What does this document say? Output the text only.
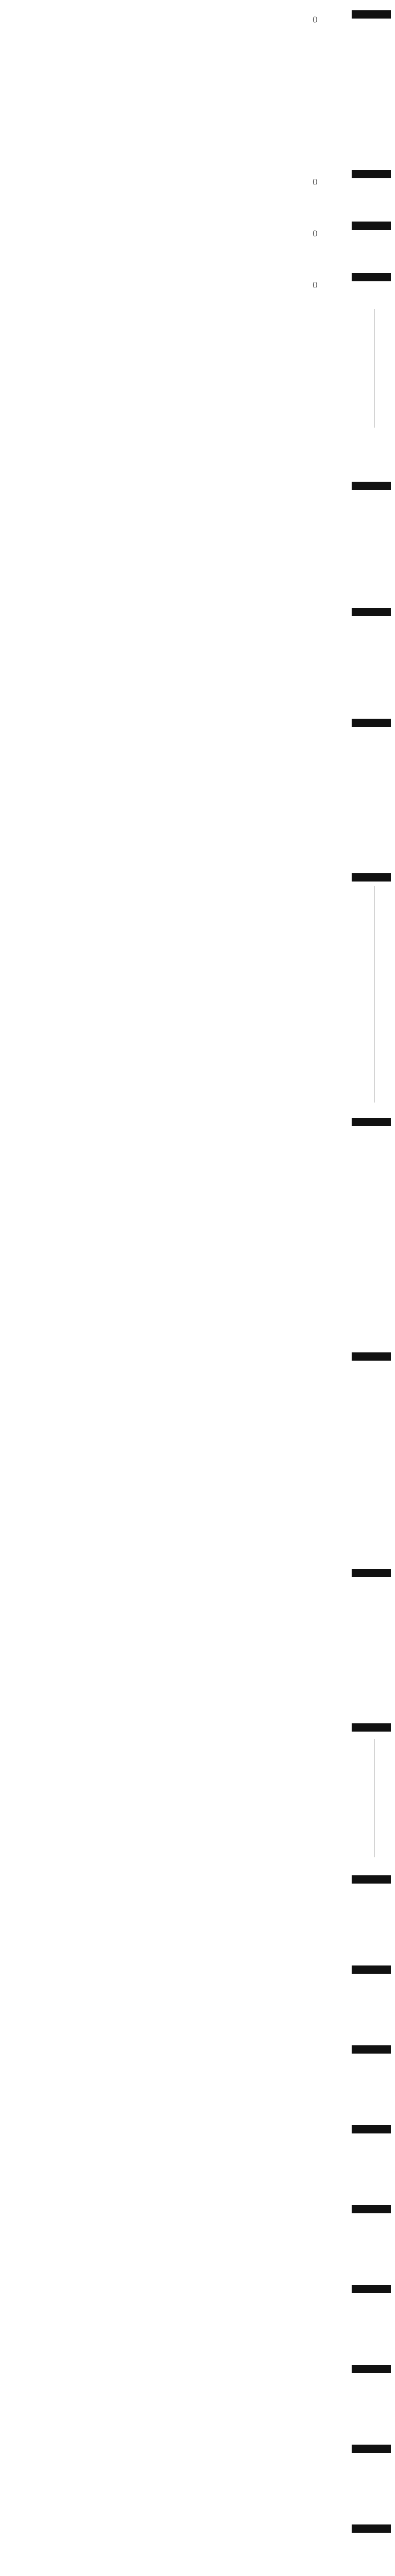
()
()
()
()
